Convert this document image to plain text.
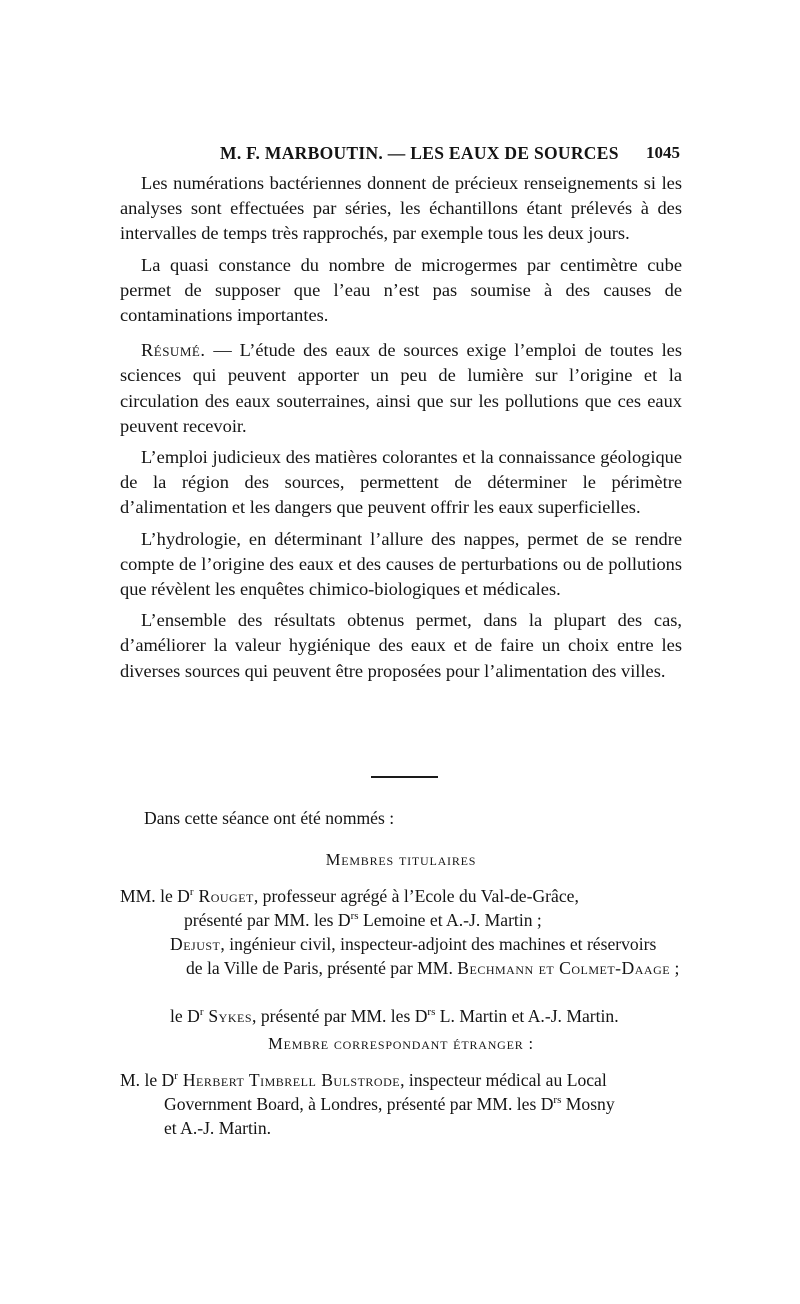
M. F. MARBOUTIN. — LES EAUX DE SOURCES 1045

Les numérations bactériennes donnent de précieux renseignements si les analyses sont effectuées par séries, les échantillons étant prélevés à des intervalles de temps très rapprochés, par exemple tous les deux jours.

La quasi constance du nombre de microgermes par centimètre cube permet de supposer que l’eau n’est pas soumise à des causes de contaminations importantes.

Résumé. — L’étude des eaux de sources exige l’emploi de toutes les sciences qui peuvent apporter un peu de lumière sur l’origine et la circulation des eaux souterraines, ainsi que sur les pollutions que ces eaux peuvent recevoir.

L’emploi judicieux des matières colorantes et la connaissance géologique de la région des sources, permettent de déterminer le périmètre d’alimentation et les dangers que peuvent offrir les eaux superficielles.

L’hydrologie, en déterminant l’allure des nappes, permet de se rendre compte de l’origine des eaux et des causes de perturbations ou de pollutions que révèlent les enquêtes chimico-biologiques et médicales.

L’ensemble des résultats obtenus permet, dans la plupart des cas, d’améliorer la valeur hygiénique des eaux et de faire un choix entre les diverses sources qui peuvent être proposées pour l’alimentation des villes.

Dans cette séance ont été nommés :
Membres titulaires
MM. le $D^r$ Rouget, professeur agrégé à l’Ecole du Val-de-Grâce,
présenté par MM. les $D^{rs}$ Lemoine et A.-J. Martin ;
Dejust, ingénieur civil, inspecteur-adjoint des machines et réservoirs
de la Ville de Paris, présenté par MM. Bechmann et Colmet-Daage ;
le $D^r$ Sykes, présenté par MM. les $D^{rs}$ L. Martin et A.-J. Martin.
Membre correspondant étranger :
M. le $D^r$ Herbert Timbrell Bulstrode, inspecteur médical au Local
Government Board, à Londres, présenté par MM. les $D^{rs}$ Mosny
et A.-J. Martin.
